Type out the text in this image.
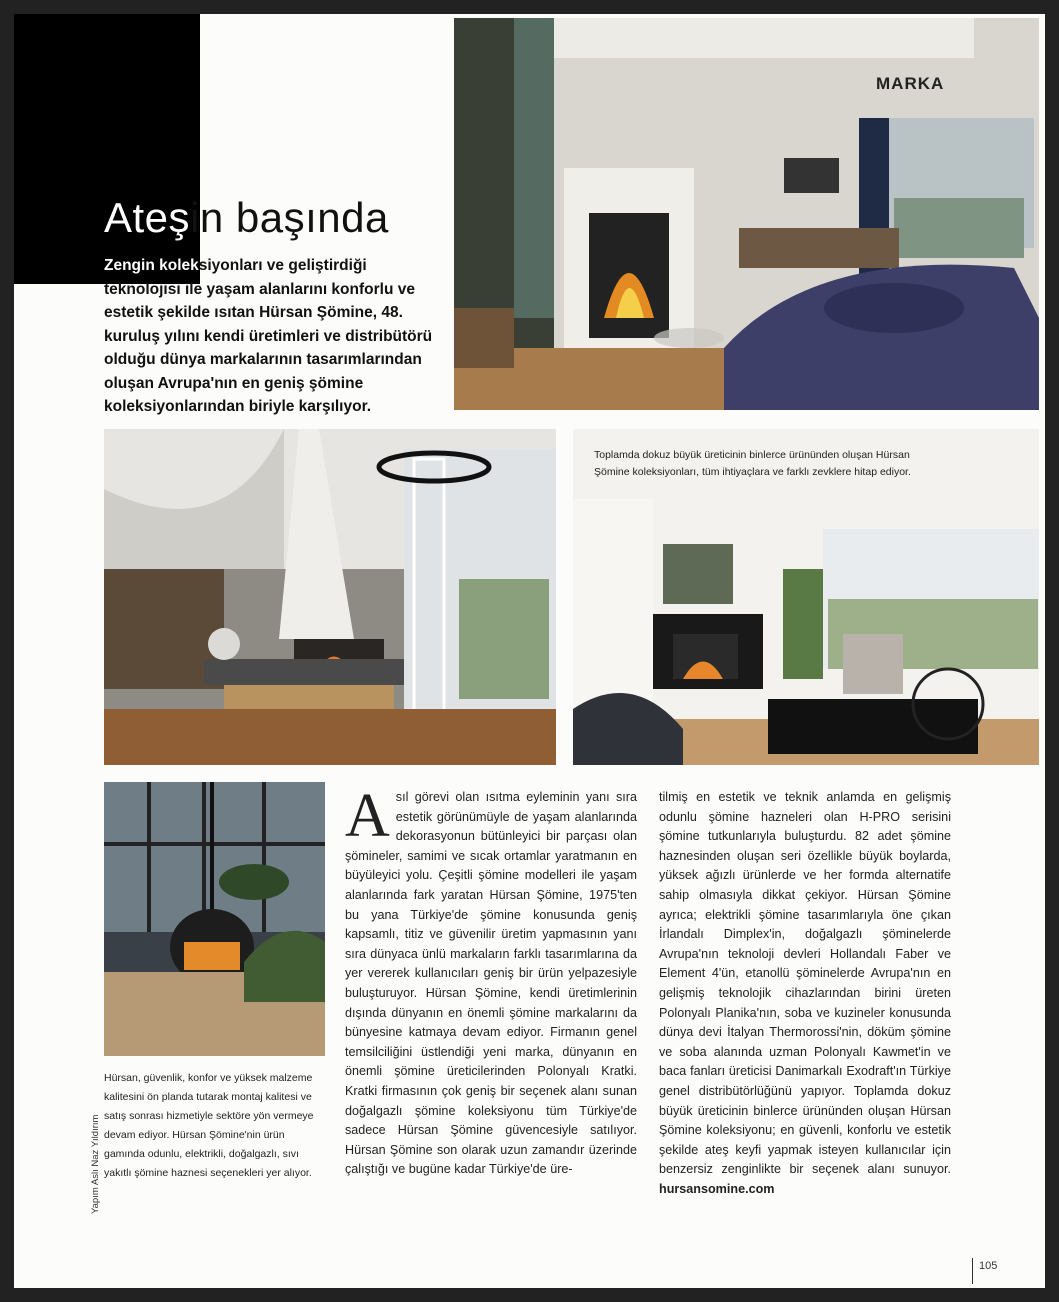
MARKA
Ateşin başında
Zengin koleksiyonları ve geliştirdiği teknolojisi ile yaşam alanlarını konforlu ve estetik şekilde ısıtan Hürsan Şömine, 48. kuruluş yılını kendi üretimleri ve distribütörü olduğu dünya markalarının tasarımlarından oluşan Avrupa'nın en geniş şömine koleksiyonlarından biriyle karşılıyor.
Toplamda dokuz büyük üreticinin binlerce ürününden oluşan Hürsan Şömine koleksiyonları, tüm ihtiyaçlara ve farklı zevklere hitap ediyor.
Hürsan, güvenlik, konfor ve yüksek malzeme kalitesini ön planda tutarak montaj kalitesi ve satış sonrası hizmetiyle sektöre yön vermeye devam ediyor. Hürsan Şömine'nin ürün gamında odunlu, elektrikli, doğalgazlı, sıvı yakıtlı şömine haznesi seçenekleri yer alıyor.
Asıl görevi olan ısıtma eyleminin yanı sıra estetik görünümüyle de yaşam alanlarında dekorasyonun bütünleyici bir parçası olan şömineler, samimi ve sıcak ortamlar yaratmanın en büyüleyici yolu. Çeşitli şömine modelleri ile yaşam alanlarında fark yaratan Hürsan Şömine, 1975'ten bu yana Türkiye'de şömine konusunda geniş kapsamlı, titiz ve güvenilir üretim yapmasının yanı sıra dünyaca ünlü markaların farklı tasarımlarına da yer vererek kullanıcıları geniş bir ürün yelpazesiyle buluşturuyor. Hürsan Şömine, kendi üretimlerinin dışında dünyanın en önemli şömine markalarını da bünyesine katmaya devam ediyor. Firmanın genel temsilciliğini üstlendiği yeni marka, dünyanın en önemli şömine üreticilerinden Polonyalı Kratki. Kratki firmasının çok geniş bir seçenek alanı sunan doğalgazlı şömine koleksiyonu tüm Türkiye'de sadece Hürsan Şömine güvencesiyle satılıyor. Hürsan Şömine son olarak uzun zamandır üzerinde çalıştığı ve bugüne kadar Türkiye'de üre-
tilmiş en estetik ve teknik anlamda en gelişmiş odunlu şömine hazneleri olan H-PRO serisini şömine tutkunlarıyla buluşturdu. 82 adet şömine haznesinden oluşan seri özellikle büyük boylarda, yüksek ağızlı ürünlerde ve her formda alternatife sahip olmasıyla dikkat çekiyor. Hürsan Şömine ayrıca; elektrikli şömine tasarımlarıyla öne çıkan İrlandalı Dimplex'in, doğalgazlı şöminelerde Avrupa'nın teknoloji devleri Hollandalı Faber ve Element 4'ün, etanollü şöminelerde Avrupa'nın en gelişmiş teknolojik cihazlarından birini üreten Polonyalı Planika'nın, soba ve kuzineler konusunda dünya devi İtalyan Thermorossi'nin, döküm şömine ve soba alanında uzman Polonyalı Kawmet'in ve baca fanları üreticisi Danimarkalı Exodraft'ın Türkiye genel distribütörlüğünü yapıyor. Toplamda dokuz büyük üreticinin binlerce ürününden oluşan Hürsan Şömine koleksiyonu; en güvenli, konforlu ve estetik şekilde ateş keyfi yapmak isteyen kullanıcılar için benzersiz zenginlikte bir seçenek alanı sunuyor. hursansomine.com
Yapım Aslı Naz Yıldırım
105
